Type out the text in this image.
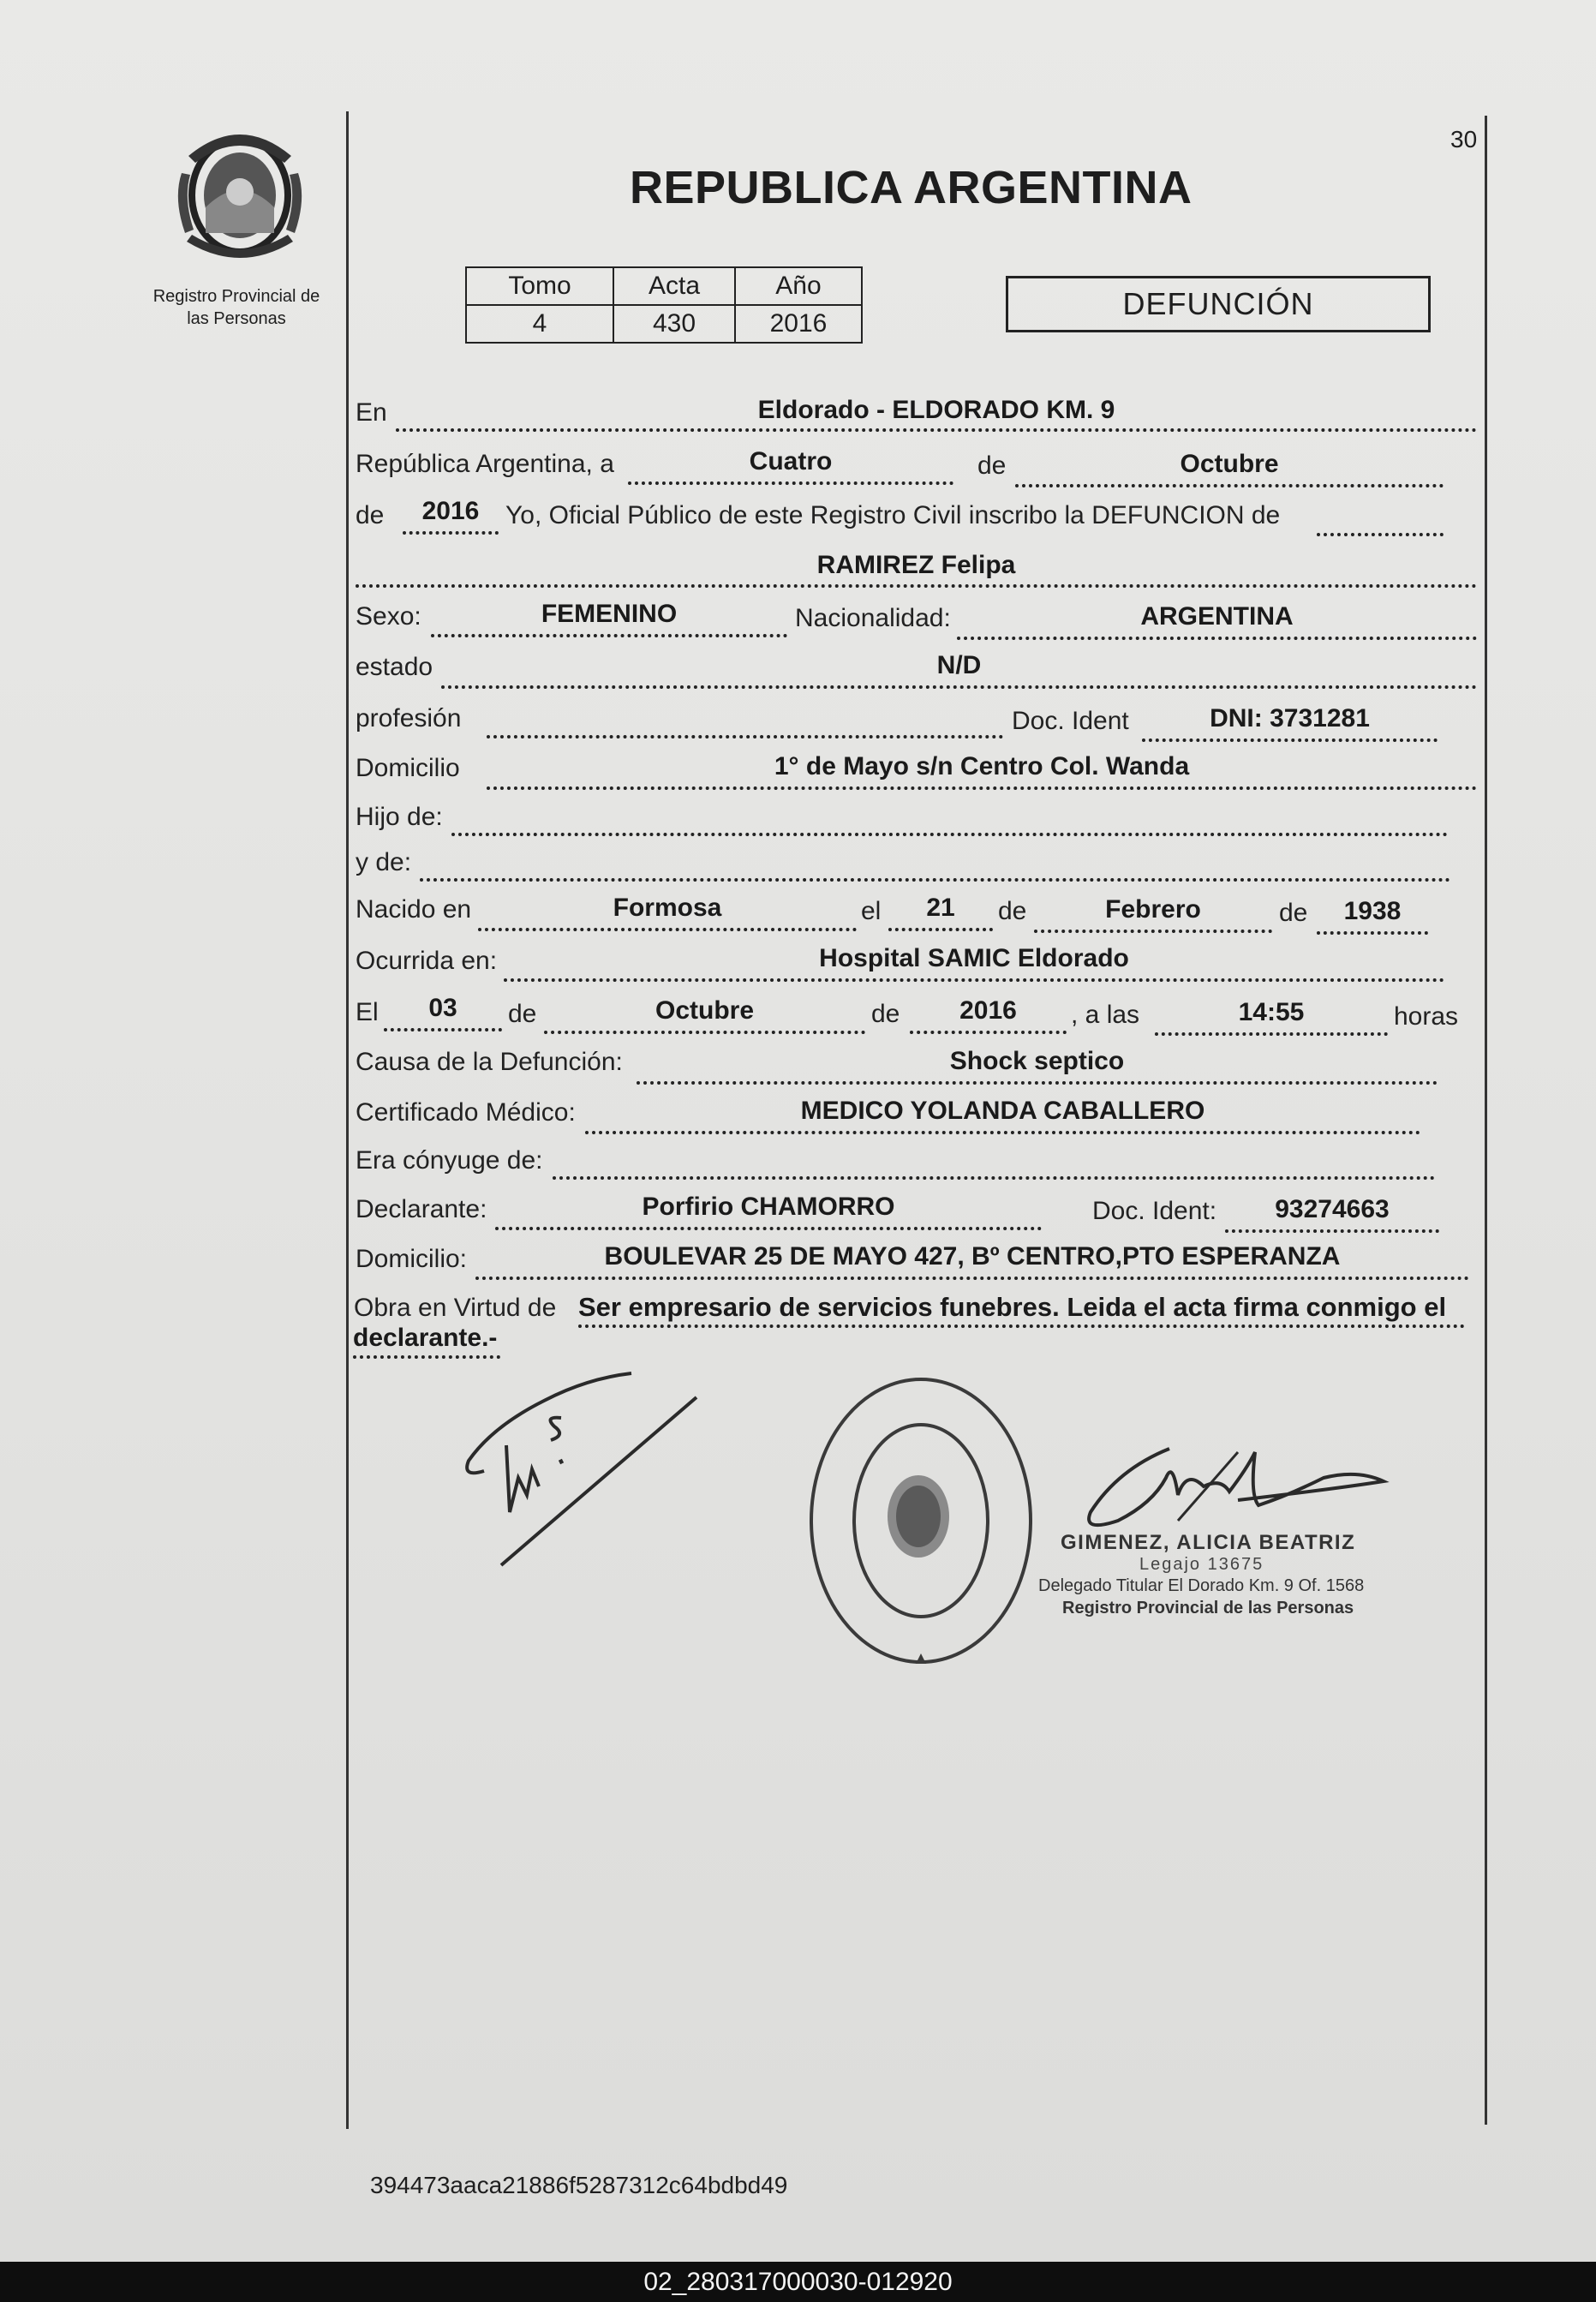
Registro Provincial de
las Personas
30
REPUBLICA ARGENTINA
Tomo	Acta	Año
4	430	2016
DEFUNCIÓN
En	Eldorado - ELDORADO KM. 9
República Argentina, a	Cuatro	de	Octubre
de	2016	Yo, Oficial Público de este Registro Civil inscribo la DEFUNCION de
RAMIREZ Felipa
Sexo:	FEMENINO	Nacionalidad:	ARGENTINA
estado	N/D
profesión	Doc. Ident	DNI: 3731281
Domicilio	1° de Mayo s/n Centro Col. Wanda
Hijo de:
y de:
Nacido en	Formosa	el	21	de	Febrero	de	1938
Ocurrida en:	Hospital SAMIC Eldorado
El	03	de	Octubre	de	2016	, a las	14:55	horas
Causa de la Defunción:	Shock septico
Certificado Médico:	MEDICO YOLANDA CABALLERO
Era cónyuge de:
Declarante:	Porfirio CHAMORRO	Doc. Ident:	93274663
Domicilio:	BOULEVAR 25 DE MAYO 427, Bº CENTRO,PTO ESPERANZA
Obra en Virtud de Ser empresario de servicios funebres. Leida el acta firma conmigo el
declarante.-
GIMENEZ, ALICIA BEATRIZ
Legajo 13675
Delegado Titular El Dorado Km. 9 Of. 1568
Registro Provincial de las Personas
394473aaca21886f5287312c64bdbd49
02_280317000030-012920
